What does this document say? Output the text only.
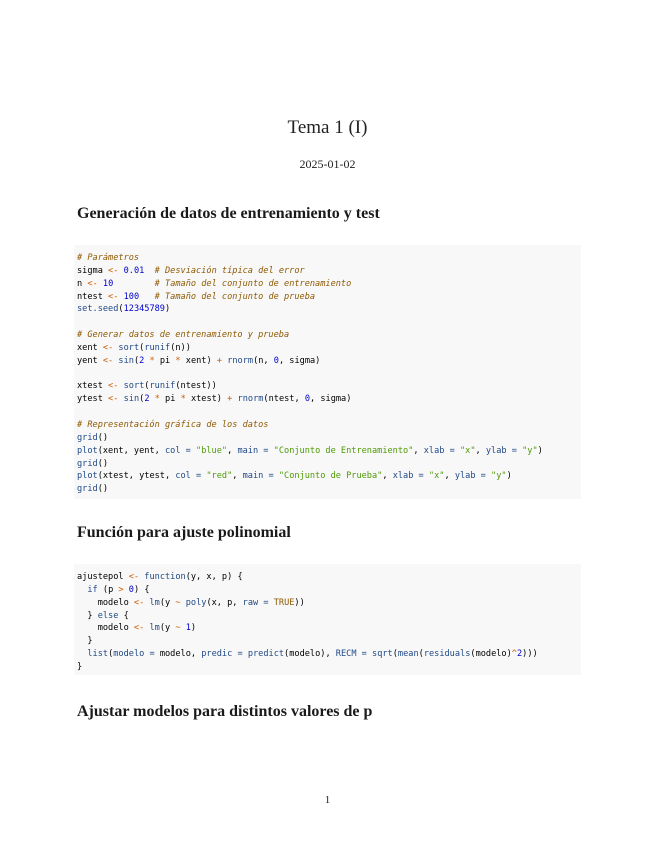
Tema 1 (I)
2025-01-02
Generación de datos de entrenamiento y test
# Parámetros
sigma <- 0.01 # Desviación típica del error
n <- 10	# Tamaño del conjunto de entrenamiento
ntest <- 100 # Tamaño del conjunto de prueba
set.seed(12345789)
# Generar datos de entrenamiento y prueba
xent <- sort(runif(n))
yent <- sin(2 * pi * xent) + rnorm(n, 0, sigma)
xtest <- sort(runif(ntest))
ytest <- sin(2 * pi * xtest) + rnorm(ntest, 0, sigma)
# Representación gráfica de los datos
grid()
plot(xent, yent, col = "blue", main = "Conjunto de Entrenamiento", xlab = "x", ylab = "y")
grid()
plot(xtest, ytest, col = "red", main = "Conjunto de Prueba", xlab = "x", ylab = "y")
grid()
Función para ajuste polinomial
ajustepol <- function(y, x, p) {
if (p > 0) {
modelo <- lm(y ~ poly(x, p, raw = TRUE))
} else {
modelo <- lm(y ~ 1)
}
list(modelo = modelo, predic = predict(modelo), RECM = sqrt(mean(residuals(modelo)^2)))
}
Ajustar modelos para distintos valores de p
1
